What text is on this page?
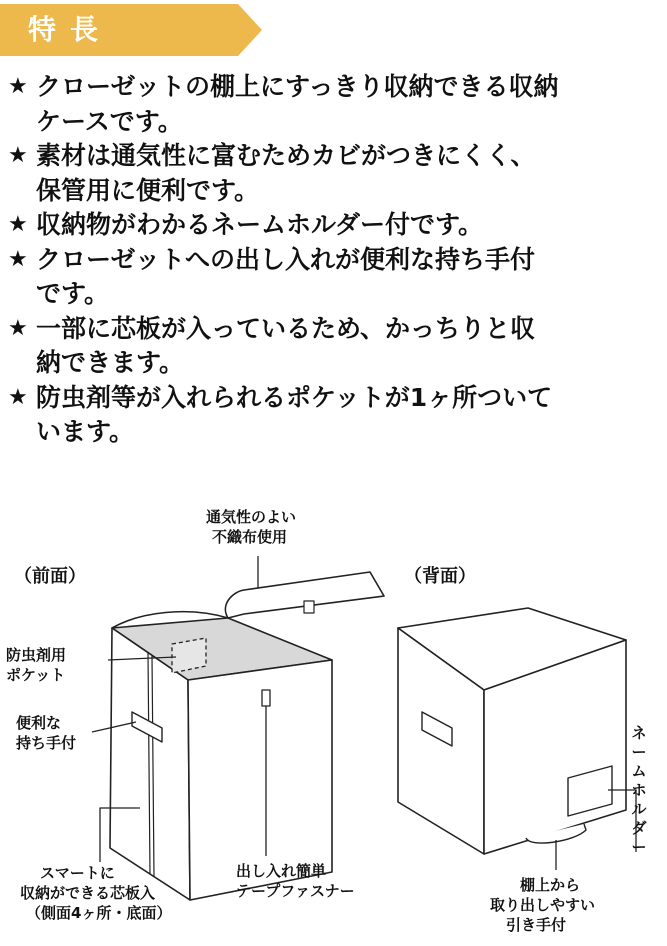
特長
★ クローゼットの棚上にすっきり収納できる収納
ケースです。
★ 素材は通気性に富むためカビがつきにくく、
保管用に便利です。
★ 収納物がわかるネームホルダー付です。
★ クローゼットへの出し入れが便利な持ち手付
です。
★ 一部に芯板が入っているため、かっちりと収
納できます。
★ 防虫剤等が入れられるポケットが1ヶ所ついて
います。
通気性のよい
不織布使用
（前面）	（背面）
防虫剤用
ポケット
便利な
持ち手付
スマートに
収納ができる芯板入
（側面4ヶ所・底面）
出し入れ簡単
テープファスナー
ネームホルダー
棚上から
取り出しやすい
引き手付
